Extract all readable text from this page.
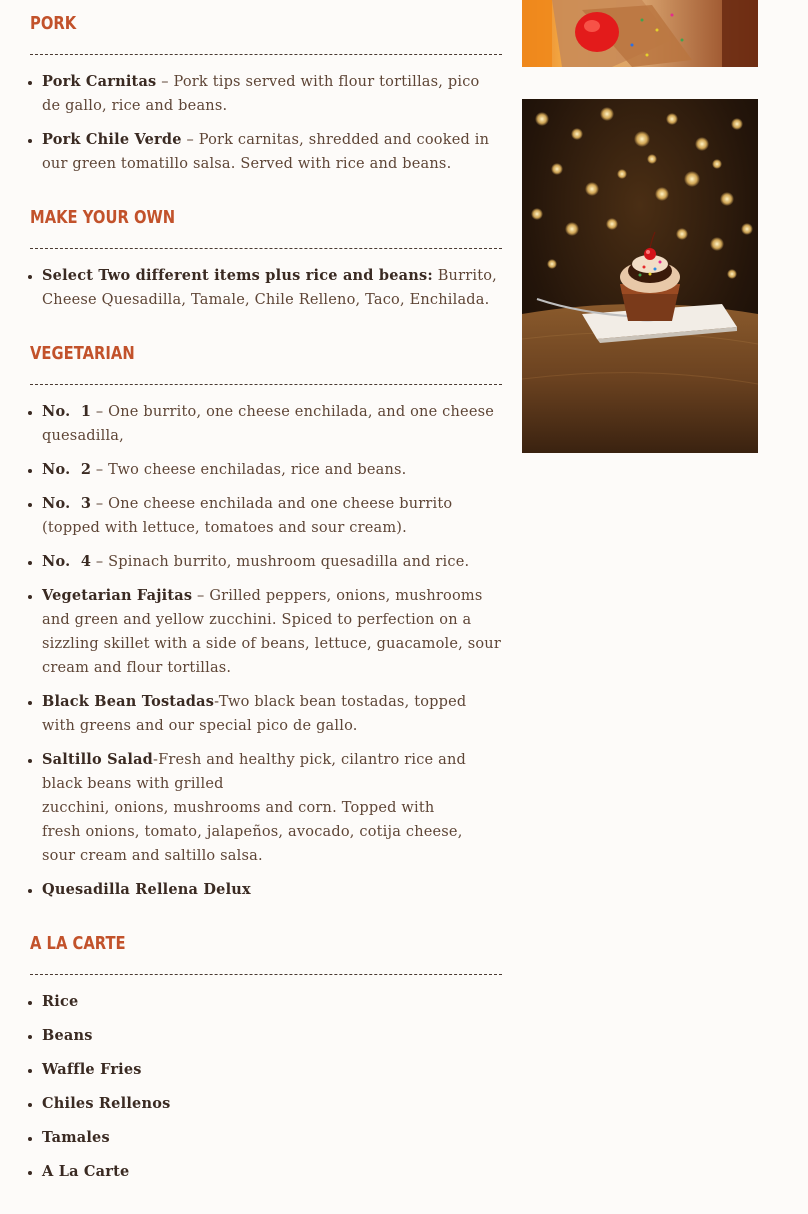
PORK
• Pork Carnitas – Pork tips served with flour tortillas, pico de gallo, rice and beans.
• Pork Chile Verde – Pork carnitas, shredded and cooked in our green tomatillo salsa. Served with rice and beans.
MAKE YOUR OWN
• Select Two different items plus rice and beans: Burrito, Cheese Quesadilla, Tamale, Chile Relleno, Taco, Enchilada.
VEGETARIAN
• No.  1 – One burrito, one cheese enchilada, and one cheese quesadilla,
• No.  2 – Two cheese enchiladas, rice and beans.
• No.  3 – One cheese enchilada and one cheese burrito (topped with lettuce, tomatoes and sour cream).
• No.  4 – Spinach burrito, mushroom quesadilla and rice.
• Vegetarian Fajitas – Grilled peppers, onions, mushrooms and green and yellow zucchini. Spiced to perfection on a sizzling skillet with a side of beans, lettuce, guacamole, sour cream and flour tortillas.
• Black Bean Tostadas-Two black bean tostadas, topped with greens and our special pico de gallo.
• Saltillo Salad-Fresh and healthy pick, cilantro rice and black beans with grilled
zucchini, onions, mushrooms and corn. Topped with fresh onions, tomato, jalapeños, avocado, cotija cheese, sour cream and saltillo salsa.
• Quesadilla Rellena Delux
A LA CARTE
• Rice
• Beans
• Waffle Fries
• Chiles Rellenos
• Tamales
• A La Carte
